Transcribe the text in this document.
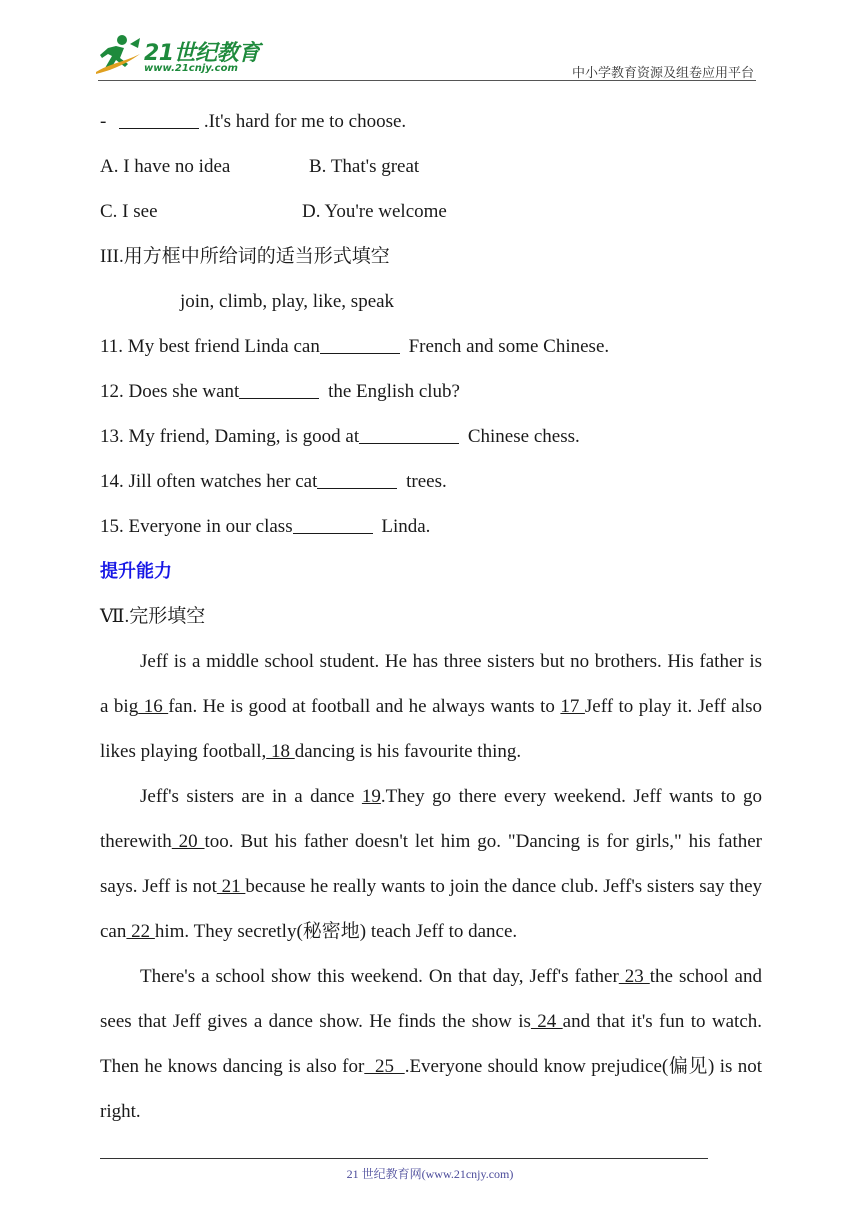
21世纪教育
www.21cnjy.com	中小学教育资源及组卷应用平台
-	.It's hard for me to choose.
A. I have no idea	B. That's great
C. I see	D. You're welcome
III.用方框中所给词的适当形式填空
join, climb, play, like, speak
11. My best friend Linda can	French and some Chinese.
12. Does she want	the English club?
13. My friend, Daming, is good at	Chinese chess.
14. Jill often watches her cat	trees.
15. Everyone in our class	Linda.
提升能力
Ⅶ.完形填空

Jeff is a middle school student. He has three sisters but no brothers. His father is a big 16 fan. He is good at football and he always wants to 17 Jeff to play it. Jeff also likes playing football, 18 dancing is his favourite thing.

Jeff's sisters are in a dance 19.They go there every weekend. Jeff wants to go therewith 20 too. But his father doesn't let him go. "Dancing is for girls," his father says. Jeff is not 21 because he really wants to join the dance club. Jeff's sisters say they can 22 him. They secretly(秘密地) teach Jeff to dance.

There's a school show this weekend. On that day, Jeff's father 23 the school and sees that Jeff gives a dance show. He finds the show is 24 and that it's fun to watch. Then he knows dancing is also for  25  .Everyone should know prejudice(偏见) is not right.

21 世纪教育网(www.21cnjy.com)
